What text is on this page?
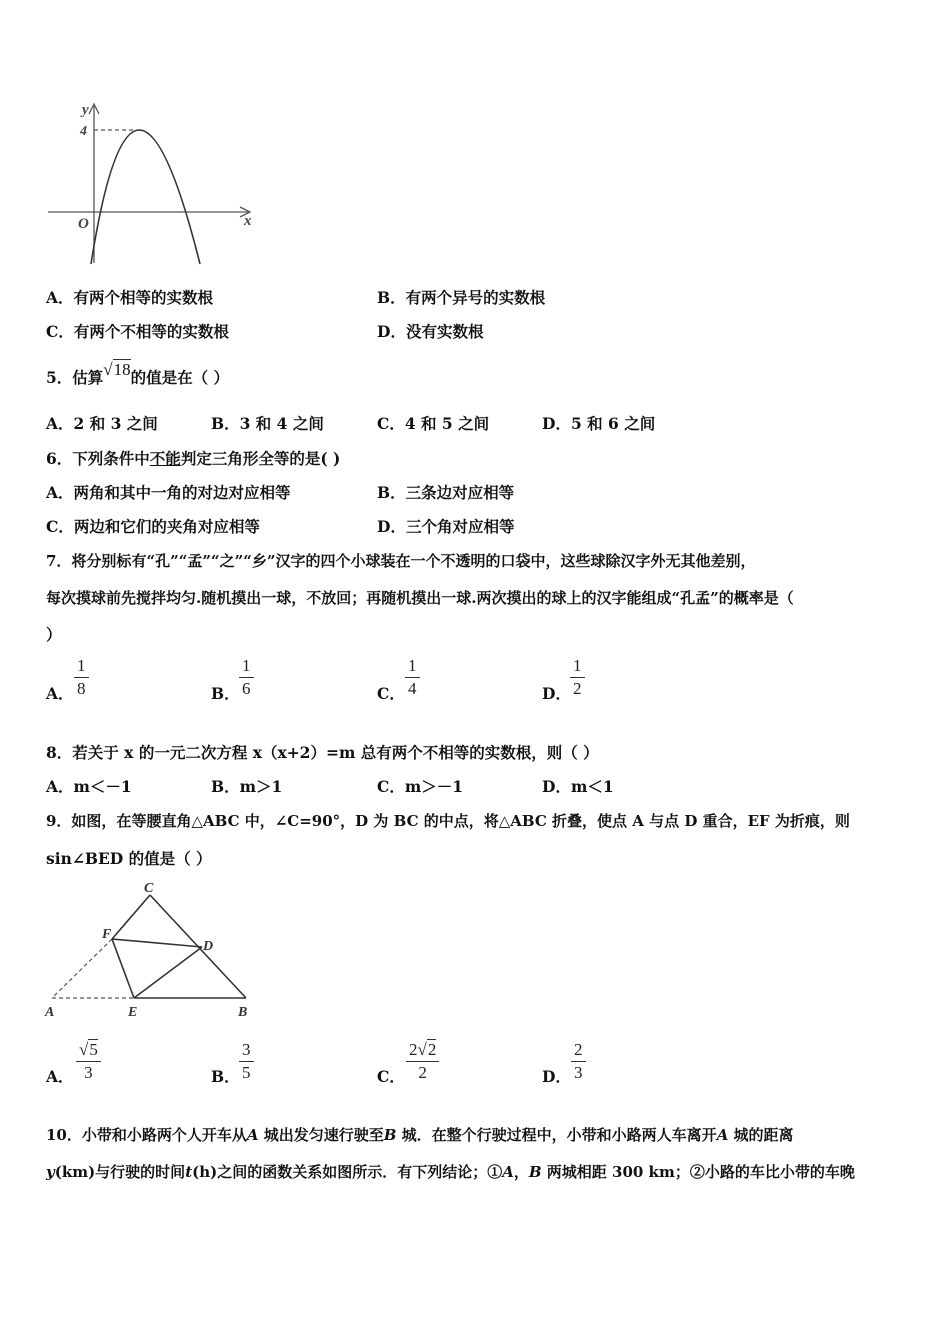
y
x
O
4
A．有两个相等的实数根	B．有两个异号的实数根
C．有两个不相等的实数根	D．没有实数根
5．估算√18的值是在（ ）
A．2 和 3 之间	B．3 和 4 之间	C．4 和 5 之间	D．5 和 6 之间
6．下列条件中不能判定三角形全等的是( )
A．两角和其中一角的对边对应相等	B．三条边对应相等
C．两边和它们的夹角对应相等	D．三个角对应相等
7．将分别标有“孔”“孟”“之”“乡”汉字的四个小球装在一个不透明的口袋中，这些球除汉字外无其他差别，
每次摸球前先搅拌均匀.随机摸出一球，不放回；再随机摸出一球.两次摸出的球上的汉字能组成“孔孟”的概率是（
）
A． $\frac{1}{8}$	B． $\frac{1}{6}$	C． $\frac{1}{4}$	D． $\frac{1}{2}$
8．若关于 x 的一元二次方程 x（x+2）=m 总有两个不相等的实数根，则（ ）
A．m＜－1	B．m＞1	C．m＞－1	D．m＜1
9．如图，在等腰直角△ABC 中，∠C=90°，D 为 BC 的中点，将△ABC 折叠，使点 A 与点 D 重合，EF 为折痕，则
sin∠BED 的值是（ ）
C
F
D
A	E	B
A． $\frac{√5}{3}$	B． $\frac{3}{5}$	C． $\frac{2√2}{2}$	D． $\frac{2}{3}$
10．小带和小路两个人开车从A 城出发匀速行驶至B 城．在整个行驶过程中，小带和小路两人车离开A 城的距离
y(km)与行驶的时间t(h)之间的函数关系如图所示．有下列结论；①A，B 两城相距 300 km；②小路的车比小带的车晚
